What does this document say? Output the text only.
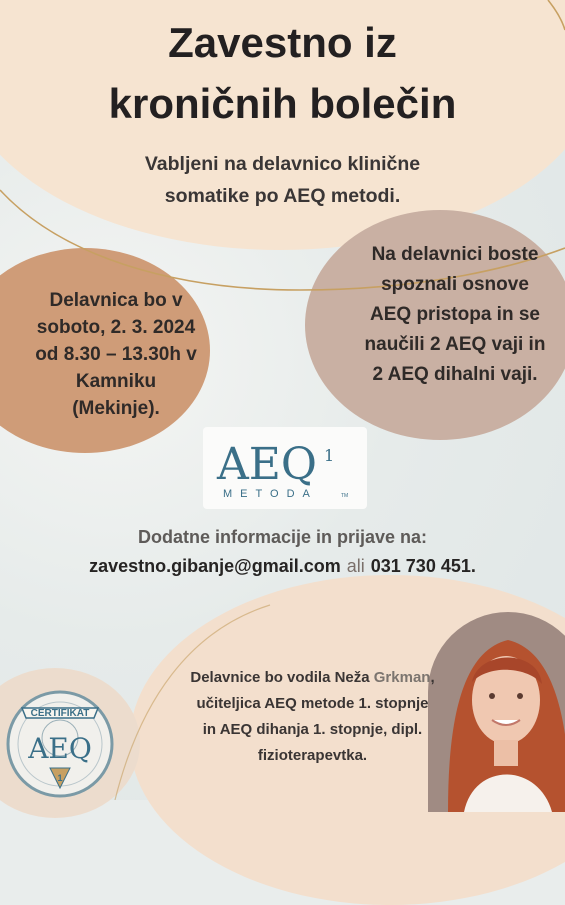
Zavestno iz
kroničnih bolečin
Vabljeni na delavnico klinične
somatike po AEQ metodi.
Delavnica bo v
soboto, 2. 3. 2024
od 8.30 – 13.30h v
Kamniku
(Mekinje).
Na delavnici boste
spoznali osnove
AEQ pristopa in se
naučili 2 AEQ vaji in
2 AEQ dihalni vaji.
AEQ 1
METODA	TM
Dodatne informacije in prijave na:
zavestno.gibanje@gmail.com ali 031 730 451.
Delavnice bo vodila Neža Grkman, učiteljica AEQ metode 1. stopnje in AEQ dihanja 1. stopnje, dipl. fizioterapevtka.
CERTIFIKAT
AEQ
1
